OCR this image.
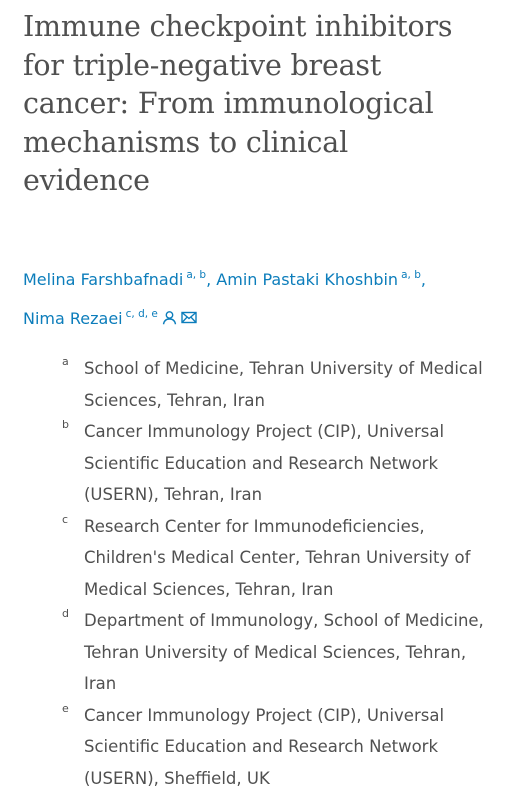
Immune checkpoint inhibitors
for triple-negative breast
cancer: From immunological
mechanisms to clinical
evidence
Melina Farshbafnadi $^{a, b}$, Amin Pastaki Khoshbin $^{a, b}$,
Nima Rezaei $^{c, d, e}$
a School of Medicine, Tehran University of Medical
Sciences, Tehran, Iran
b Cancer Immunology Project (CIP), Universal
Scientific Education and Research Network
(USERN), Tehran, Iran
c Research Center for Immunodeficiencies,
Children's Medical Center, Tehran University of
Medical Sciences, Tehran, Iran
d Department of Immunology, School of Medicine,
Tehran University of Medical Sciences, Tehran,
Iran
e Cancer Immunology Project (CIP), Universal
Scientific Education and Research Network
(USERN), Sheffield, UK
